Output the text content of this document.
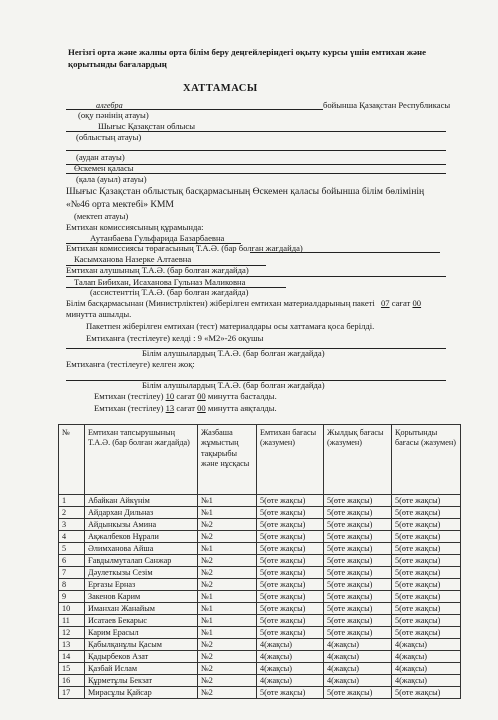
Негізгі орта және жалпы орта білім беру деңгейлеріндегі оқыту курсы үшін емтихан және
қорытынды бағалардың
ХАТТАМАСЫ
алгебра	бойынша Қазақстан Республикасы
(оқу пәнінің атауы)
Шығыс Қазақстан облысы
(облыстың атауы)
(аудан атауы)
Өскемен қаласы
(қала (ауыл) атауы)
Шығыс Қазақстан облыстық басқармасының Өскемен қаласы бойынша білім бөлімінің
«№46 орта мектебі» КММ
(мектеп атауы)
Емтихан комиссиясының құрамында:
Аутанбаева Гульфарида Базарбаевна
Емтихан комиссиясы төрағасының Т.А.Ә. (бар болған жағдайда)
Касымханова Назерке Алтаевна
Емтихан алушының Т.А.Ә. (бар болған жағдайда)
Талап Бибихан, Исаханова Гульназ Маликовна
(ассистенттің Т.А.Ә. (бар болған жағдайда)
Білім басқармасынан (Министрліктен) жіберілген емтихан материалдарының пакеті 07 сағат 00
минутта ашылды.
Пакетпен жіберілген емтихан (тест) материалдары осы хаттамаға қоса берілді.
Емтиханға (тестілеуге) келді : 9 «М2»-26 оқушы
Білім алушылардың Т.А.Ә. (бар болған жағдайда)
Емтиханға (тестілеуге) келген жоқ:
Білім алушылардың Т.А.Ә. (бар болған жағдайда)
Емтихан (тестілеу) 10 сағат 00 минутта басталды.
Емтихан (тестілеу) 13 сағат 00 минутта аяқталды.
№	Емтихан тапсырушының Т.А.Ә. (бар болған жағдайда)	Жазбаша жұмыстың тақырыбы және нұсқасы	Емтихан бағасы (жазумен)	Жылдық бағасы (жазумен)	Қорытынды бағасы (жазумен)
1	Абайкан Айкүнім	№1	5(өте жақсы)	5(өте жақсы)	5(өте жақсы)
2	Айдархан Дильназ	№1	5(өте жақсы)	5(өте жақсы)	5(өте жақсы)
3	Айдынкызы Амина	№2	5(өте жақсы)	5(өте жақсы)	5(өте жақсы)
4	Ақжалбеков Нұрали	№2	5(өте жақсы)	5(өте жақсы)	5(өте жақсы)
5	Әлимханова Айша	№1	5(өте жақсы)	5(өте жақсы)	5(өте жақсы)
6	Ғавдылмуталап Санжар	№2	5(өте жақсы)	5(өте жақсы)	5(өте жақсы)
7	Дәулеткызы Сезім	№2	5(өте жақсы)	5(өте жақсы)	5(өте жақсы)
8	Ерғазы Ерназ	№2	5(өте жақсы)	5(өте жақсы)	5(өте жақсы)
9	Закенов Карим	№1	5(өте жақсы)	5(өте жақсы)	5(өте жақсы)
10	Иманхан Жанайым	№1	5(өте жақсы)	5(өте жақсы)	5(өте жақсы)
11	Исатаев Бекарыс	№1	5(өте жақсы)	5(өте жақсы)	5(өте жақсы)
12	Карим Ерасыл	№1	5(өте жақсы)	5(өте жақсы)	5(өте жақсы)
13	Қабылқанұлы Қасым	№2	4(жақсы)	4(жақсы)	4(жақсы)
14	Қадырбеков Азат	№2	4(жақсы)	4(жақсы)	4(жақсы)
15	Қазбай Ислам	№2	4(жақсы)	4(жақсы)	4(жақсы)
16	Құрметұлы Бекзат	№2	4(жақсы)	4(жақсы)	4(жақсы)
17	Мирасұлы Қайсар	№2	5(өте жақсы)	5(өте жақсы)	5(өте жақсы)
